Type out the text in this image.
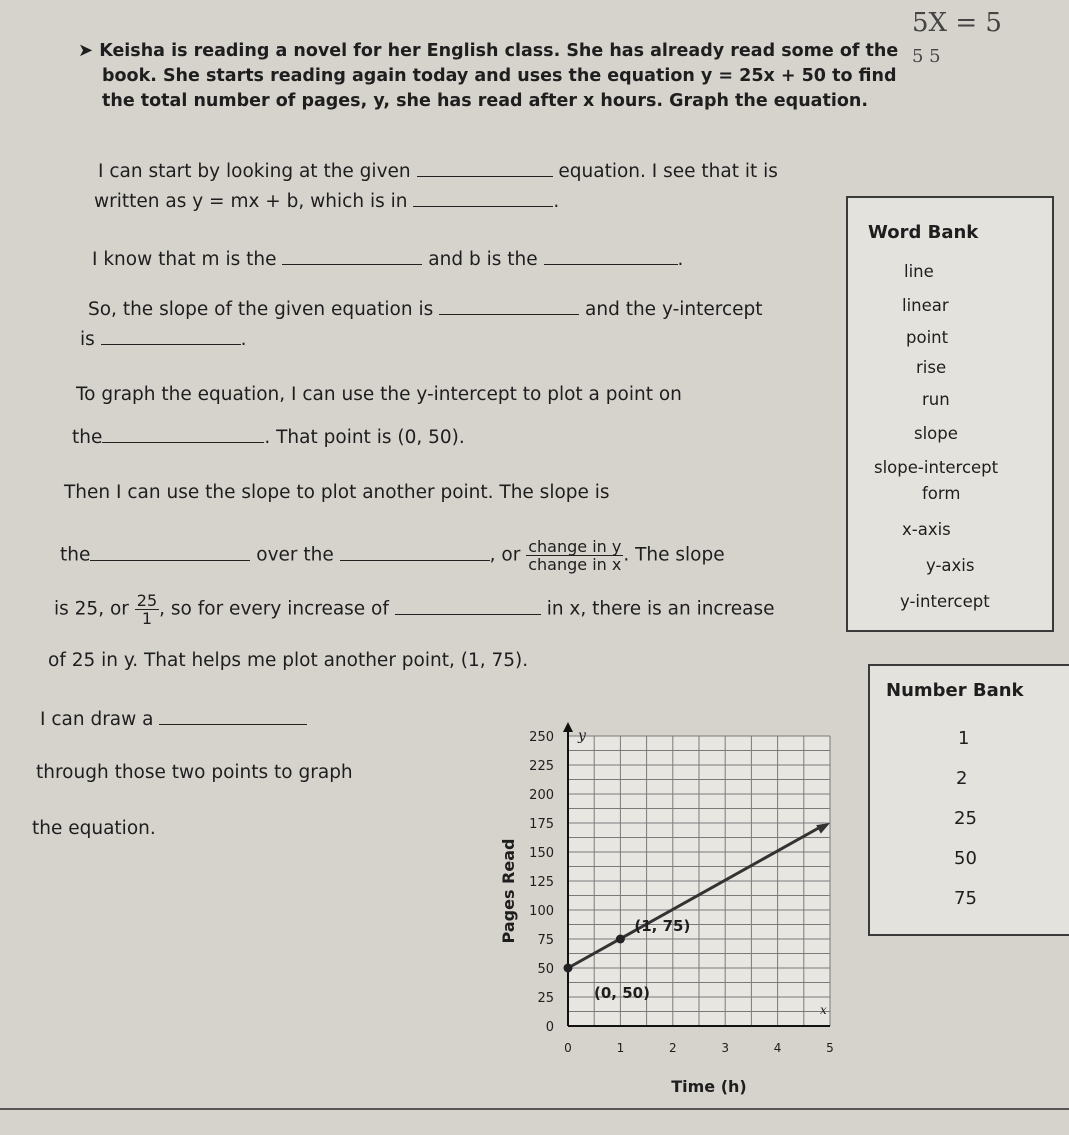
5X = 5
5 5
➤ Keisha is reading a novel for her English class. She has already read some of the
book. She starts reading again today and uses the equation y = 25x + 50 to find
the total number of pages, y, she has read after x hours. Graph the equation.
I can start by looking at the given	equation. I see that it is
written as y = mx + b, which is in	.
I know that m is the	and b is the	.
So, the slope of the given equation is	and the y-intercept
is	.
To graph the equation, I can use the y-intercept to plot a point on
the	. That point is (0, 50).
Then I can use the slope to plot another point. The slope is
the	over the	, or $\frac{\text{change in y}}{\text{change in x}}$ . The slope
is 25, or $\frac{25}{1}$ , so for every increase of	in x, there is an increase
of 25 in y. That helps me plot another point, (1, 75).
I can draw a
through those two points to graph
the equation.
Word Bank
line
linear
point
rise
run
slope
slope-intercept
form
x-axis
y-axis
y-intercept
Number Bank
1
2
25
50
75
0
25
50
75
100
125
150
175
200
225
250
0	1	2	3	4	5
y
x
Time (h)
Pages Read
(0, 50)
(1, 75)
